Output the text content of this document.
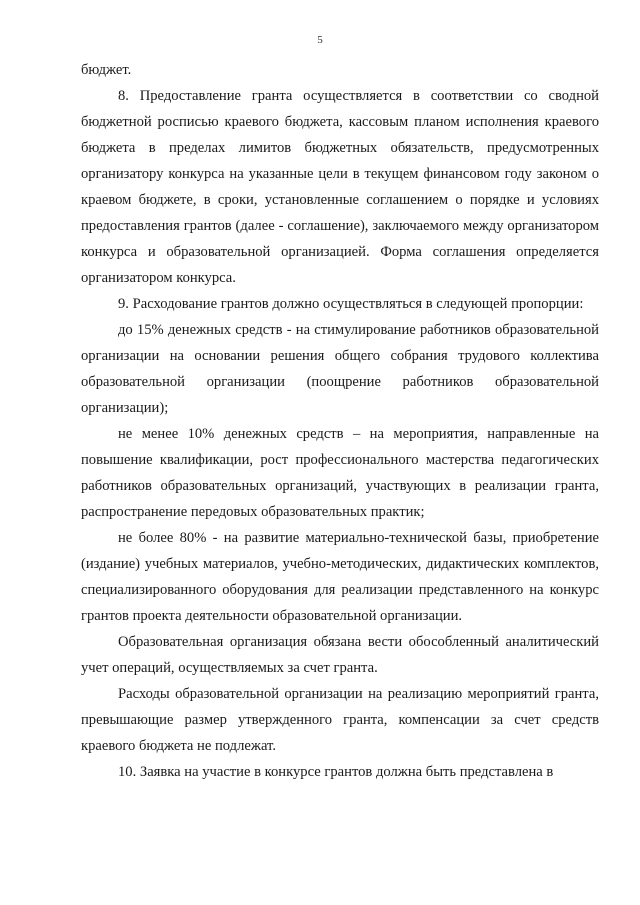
5

бюджет.

8. Предоставление гранта осуществляется в соответствии со сводной бюджетной росписью краевого бюджета, кассовым планом исполнения краевого бюджета в пределах лимитов бюджетных обязательств, предусмотренных организатору конкурса на указанные цели в текущем финансовом году законом о краевом бюджете, в сроки, установленные соглашением о порядке и условиях предоставления грантов (далее - соглашение), заключаемого между организатором конкурса и образовательной организацией. Форма соглашения определяется организатором конкурса.

9. Расходование грантов должно осуществляться в следующей пропорции:

до 15% денежных средств - на стимулирование работников образовательной организации на основании решения общего собрания трудового коллектива образовательной организации (поощрение работников образовательной организации);

не менее 10% денежных средств – на мероприятия, направленные на повышение квалификации, рост профессионального мастерства педагогических работников образовательных организаций, участвующих в реализации гранта, распространение передовых образовательных практик;

не более 80% - на развитие материально-технической базы, приобретение (издание) учебных материалов, учебно-методических, дидактических комплектов, специализированного оборудования для реализации представленного на конкурс грантов проекта деятельности образовательной организации.

Образовательная организация обязана вести обособленный аналитический учет операций, осуществляемых за счет гранта.

Расходы образовательной организации на реализацию мероприятий гранта, превышающие размер утвержденного гранта, компенсации за счет средств краевого бюджета не подлежат.

10. Заявка на участие в конкурсе грантов должна быть представлена в
